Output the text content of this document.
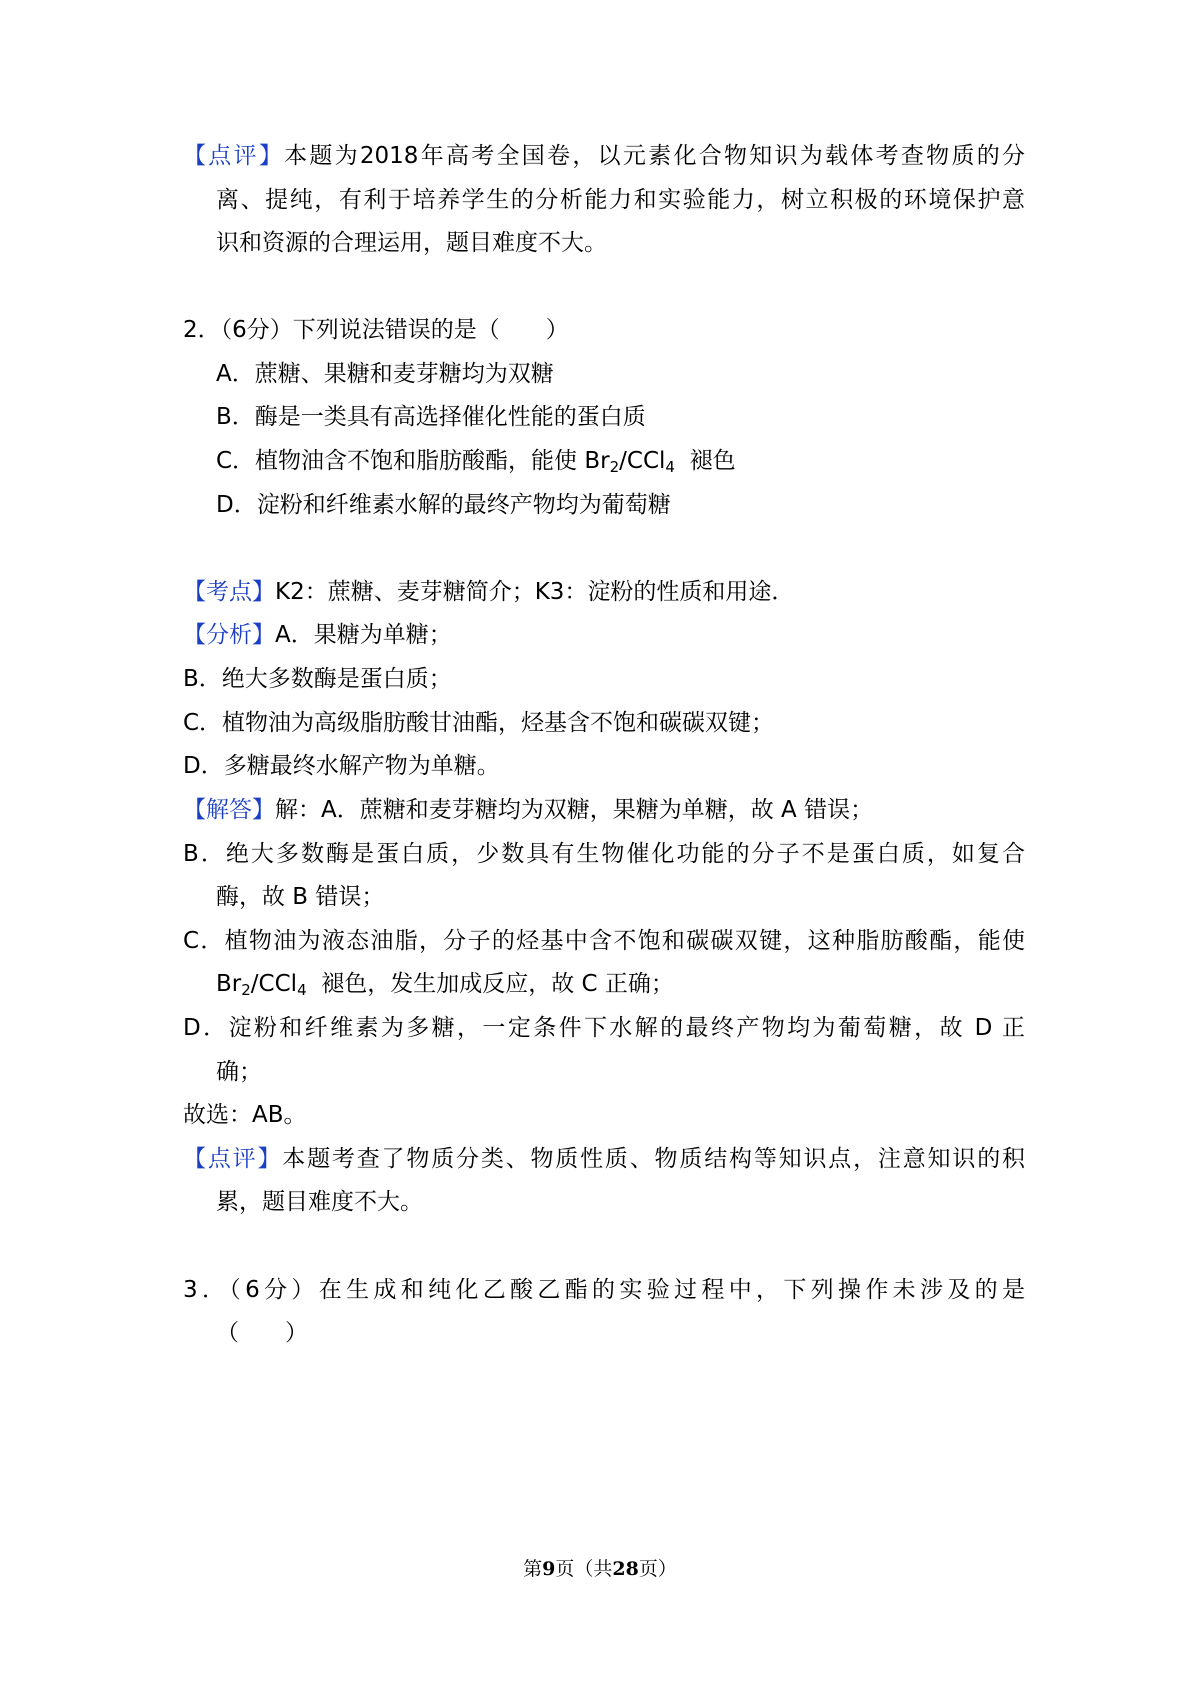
【点评】本题为2018年高考全国卷，以元素化合物知识为载体考查物质的分
离、提纯，有利于培养学生的分析能力和实验能力，树立积极的环境保护意
识和资源的合理运用，题目难度不大。
2．（6分）下列说法错误的是（　　）
A．蔗糖、果糖和麦芽糖均为双糖
B．酶是一类具有高选择催化性能的蛋白质
C．植物油含不饱和脂肪酸酯，能使 $Br_2/CCl_4$  褪色
D．淀粉和纤维素水解的最终产物均为葡萄糖
【考点】K2：蔗糖、麦芽糖简介；K3：淀粉的性质和用途．
【分析】A．果糖为单糖；
B．绝大多数酶是蛋白质；
C．植物油为高级脂肪酸甘油酯，烃基含不饱和碳碳双键；
D．多糖最终水解产物为单糖。
【解答】解：A．蔗糖和麦芽糖均为双糖，果糖为单糖，故 A 错误；
B．绝大多数酶是蛋白质，少数具有生物催化功能的分子不是蛋白质，如复合
酶，故 B 错误；
C．植物油为液态油脂，分子的烃基中含不饱和碳碳双键，这种脂肪酸酯，能使
$Br_2/CCl_4$  褪色，发生加成反应，故 C 正确；
D．淀粉和纤维素为多糖，一定条件下水解的最终产物均为葡萄糖，故 D 正
确；
故选：AB。
【点评】本题考查了物质分类、物质性质、物质结构等知识点，注意知识的积
累，题目难度不大。
3．（6分）在生成和纯化乙酸乙酯的实验过程中，下列操作未涉及的是
（　　）
第9页（共28页）
